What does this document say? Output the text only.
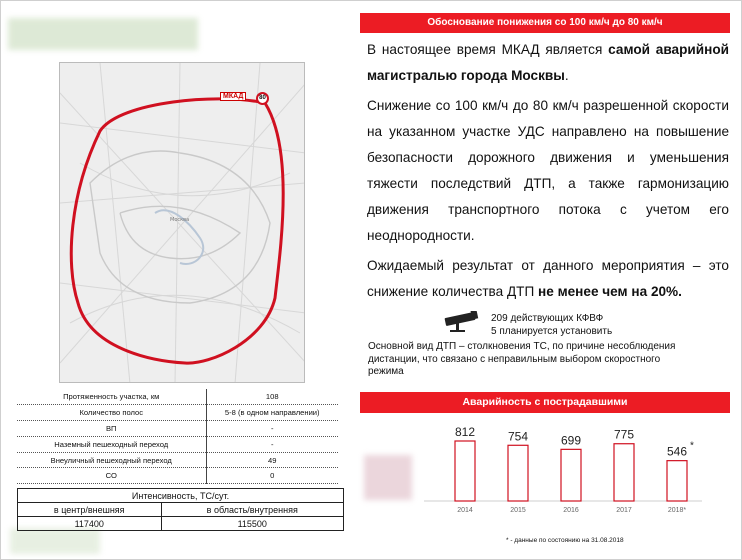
Москва
МКАД	80
Протяженность участка, км	108
Количество полос	5-8 (в одном направлении)
ВП	-
Наземный пешеходный переход	-
Внеуличный пешеходный переход	49
СО	0
Интенсивность, ТС/сут.	
в центр/внешняя	в область/внутренняя
117400	115500
Обоснование понижения со 100 км/ч до 80 км/ч
В настоящее время МКАД является самой аварийной магистралью города Москвы.
Снижение со 100 км/ч до 80 км/ч разрешенной скорости на указанном участке УДС направлено на повышение безопасности дорожного движения и уменьшения тяжести последствий ДТП, а также гармонизацию движения транспортного потока с учетом его неоднородности.
Ожидаемый результат от данного мероприятия – это снижение количества ДТП не менее чем на 20%.
209 действующих КФВФ
5 планируется установить
Основной вид ДТП – столкновения ТС, по причине несоблюдения дистанции, что связано с неправильным выбором скоростного режима
Аварийность с пострадавшими
812
2014
754
2015
699
2016
775
2017
546
2018*
*
* - данные по состоянию на 31.08.2018
